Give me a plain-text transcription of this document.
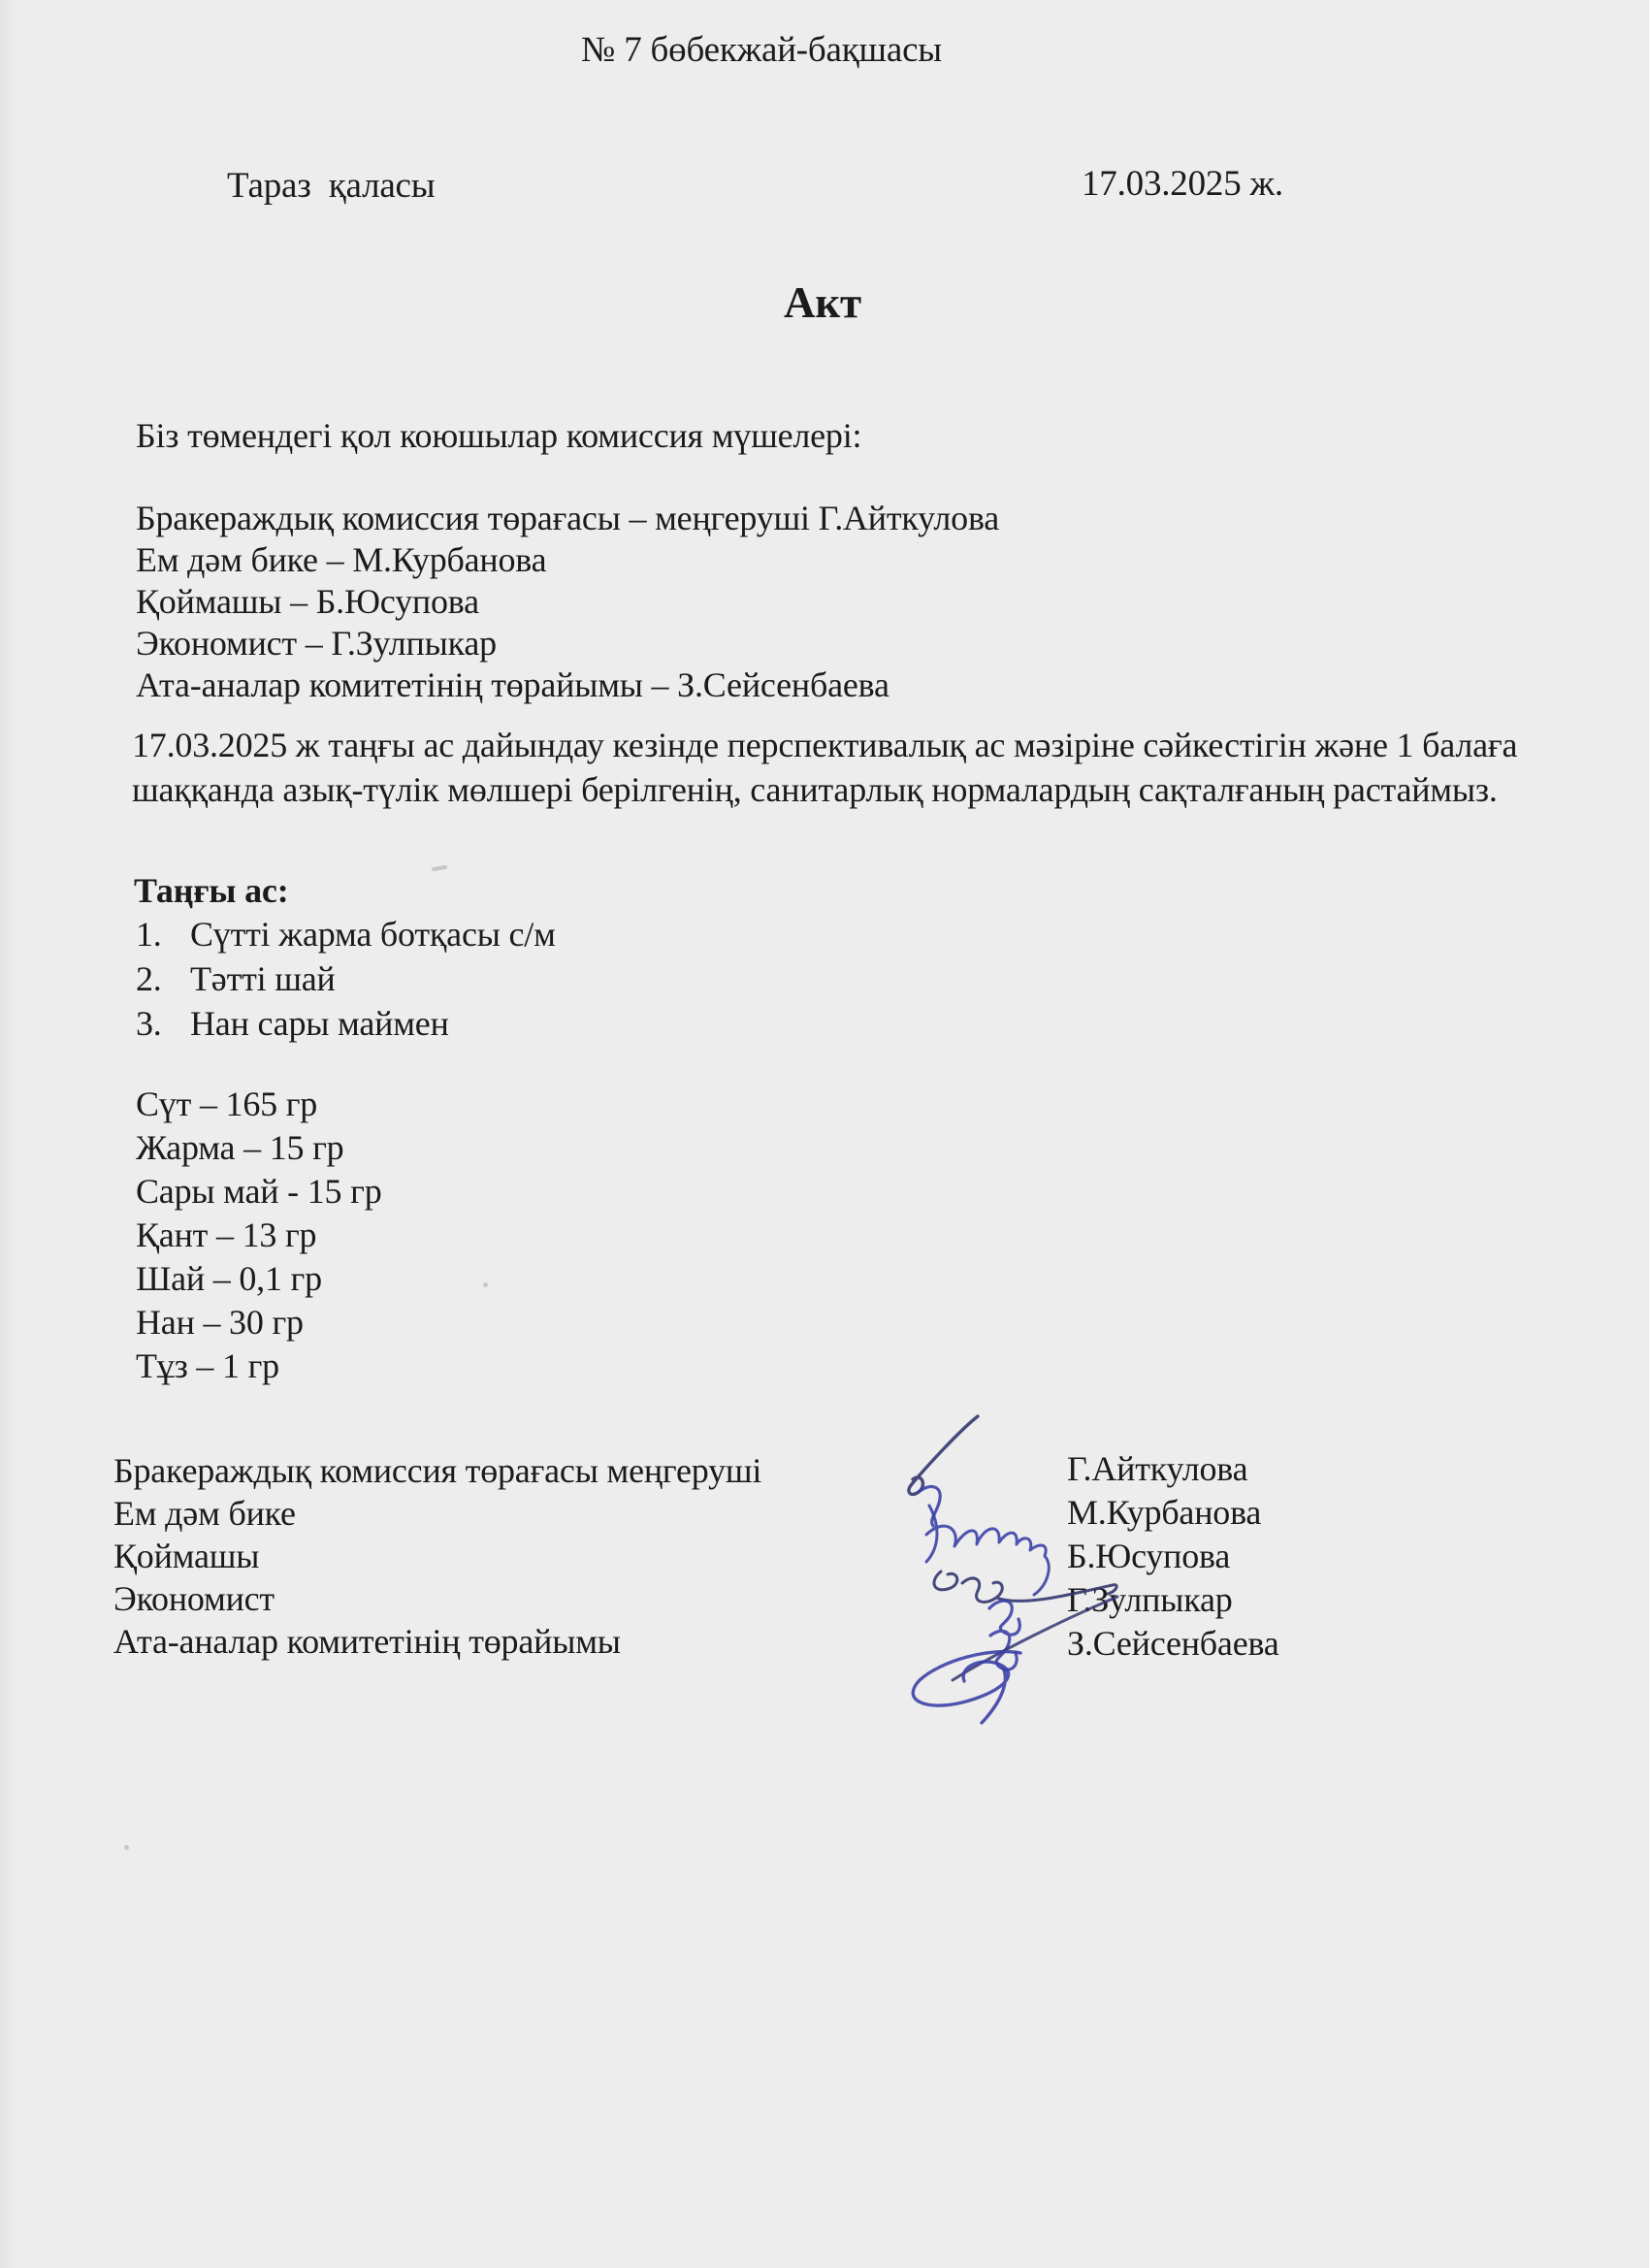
№ 7 бөбекжай-бақшасы
Тараз  қаласы	17.03.2025 ж.
Акт
Біз төмендегі қол коюшылар комиссия мүшелері:
Бракераждық комиссия төрағасы – меңгеруші Г.Айткулова
Ем дәм бике – М.Курбанова
Қоймашы – Б.Юсупова
Экономист – Г.Зулпыкар
Ата-аналар комитетінің төрайымы – З.Сейсенбаева
17.03.2025 ж таңғы ас дайындау кезінде перспективалық ас мәзіріне сәйкестігін және 1 балаға шаққанда азық-түлік мөлшері берілгенің, санитарлық нормалардың сақталғаның растаймыз.
Таңғы ас:
1. Сүтті жарма ботқасы с/м
2. Тәтті шай
3. Нан сары маймен
Сүт – 165 гр
Жарма – 15 гр
Сары май - 15 гр
Қант – 13 гр
Шай – 0,1 гр
Нан – 30 гр
Тұз – 1 гр
Бракераждық комиссия төрағасы меңгеруші
Ем дәм бике
Қоймашы
Экономист
Ата-аналар комитетінің төрайымы
Г.Айткулова
М.Курбанова
Б.Юсупова
Г.Зулпыкар
З.Сейсенбаева
